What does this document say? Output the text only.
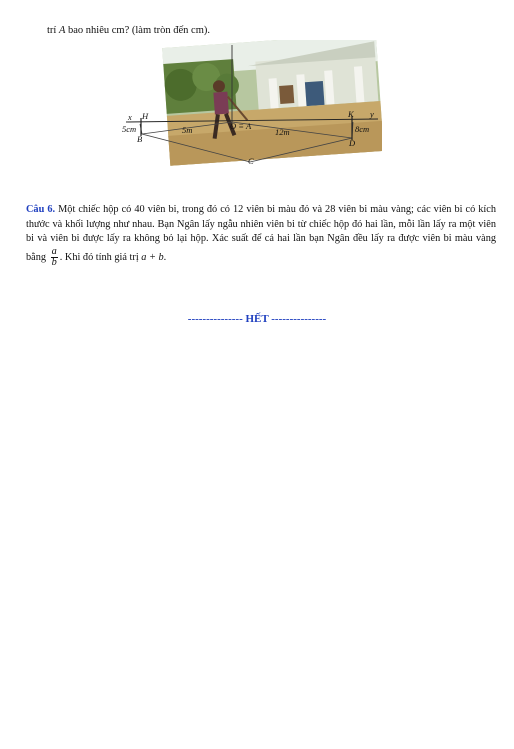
trí A bao nhiêu cm? (làm tròn đến cm).
x H
5cm
B
5m	O ≡ A
12m
K y
8cm
D
C
Câu 6. Một chiếc hộp có 40 viên bi, trong đó có 12 viên bi màu đỏ và 28 viên bi màu vàng; các viên bi có kích thước và khối lượng như nhau. Bạn Ngân lấy ngẫu nhiên viên bi từ chiếc hộp đó hai lần, mỗi lần lấy ra một viên bi và viên bi được lấy ra không bỏ lại hộp. Xác suất để cả hai lần bạn Ngân đều lấy ra được viên bi màu vàng bằng $\frac{a}{b}$ . Khi đó tính giá trị a + b.
--------------- HẾT ---------------
